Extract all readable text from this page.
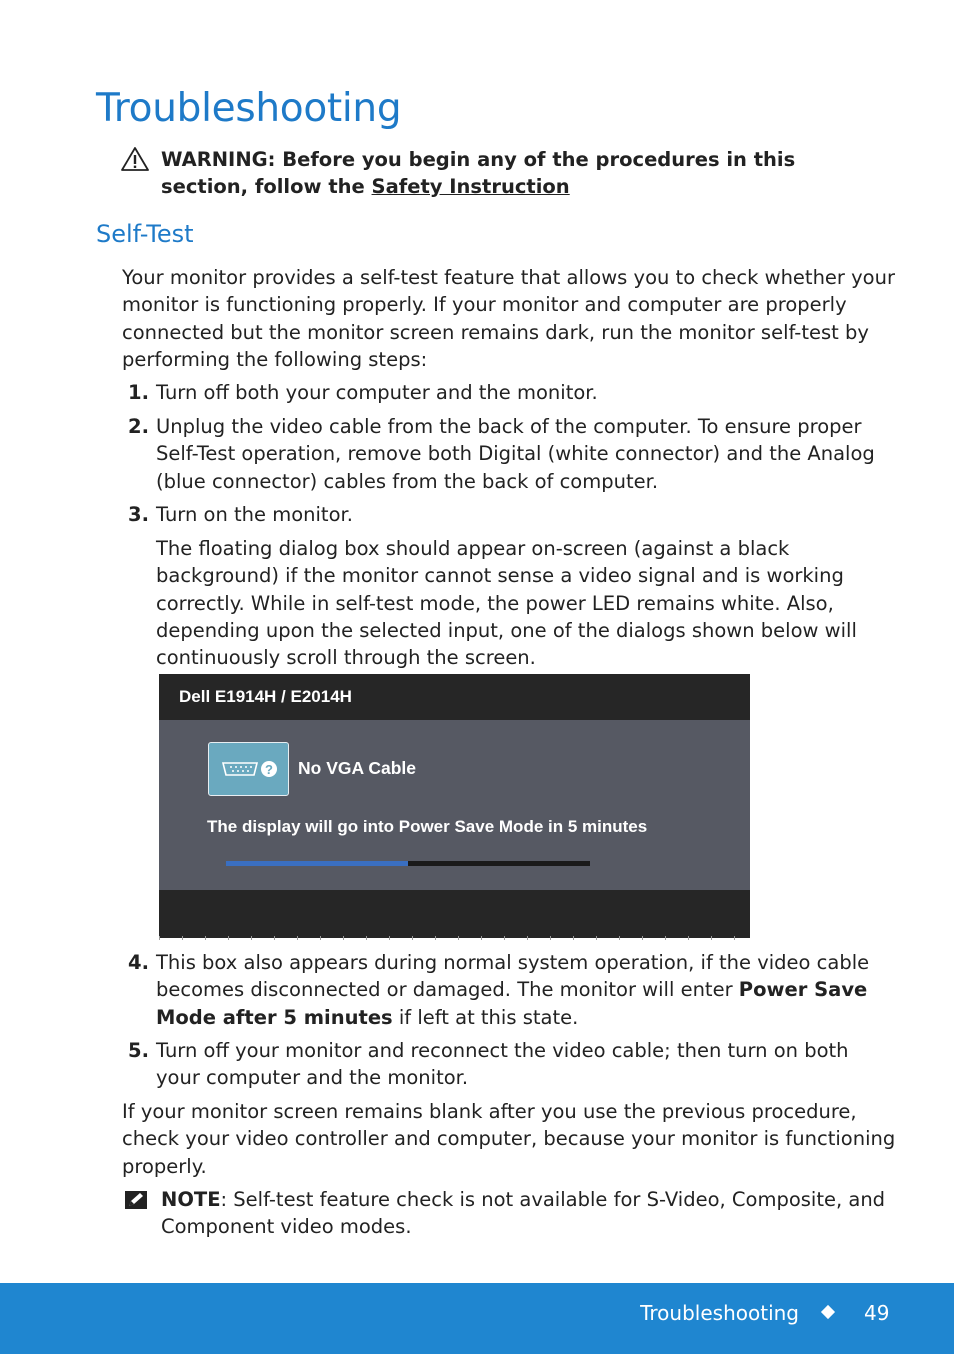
Troubleshooting
WARNING: Before you begin any of the procedures in this section, follow the Safety Instruction
Self-Test

Your monitor provides a self-test feature that allows you to check whether your monitor is functioning properly. If your monitor and computer are properly connected but the monitor screen remains dark, run the monitor self-test by performing the following steps:

1. Turn off both your computer and the monitor.
2. Unplug the video cable from the back of the computer. To ensure proper Self-Test operation, remove both Digital (white connector) and the Analog (blue connector) cables from the back of computer.
3. Turn on the monitor.

The floating dialog box should appear on-screen (against a black background) if the monitor cannot sense a video signal and is working correctly. While in self-test mode, the power LED remains white. Also, depending upon the selected input, one of the dialogs shown below will continuously scroll through the screen.

Dell E1914H / E2014H
? No VGA Cable
The display will go into Power Save Mode in 5 minutes
4. This box also appears during normal system operation, if the video cable becomes disconnected or damaged. The monitor will enter Power Save Mode after 5 minutes if left at this state.
5. Turn off your monitor and reconnect the video cable; then turn on both your computer and the monitor.

If your monitor screen remains blank after you use the previous procedure, check your video controller and computer, because your monitor is functioning properly.

NOTE: Self-test feature check is not available for S-Video, Composite, and Component video modes.
Troubleshooting	49
